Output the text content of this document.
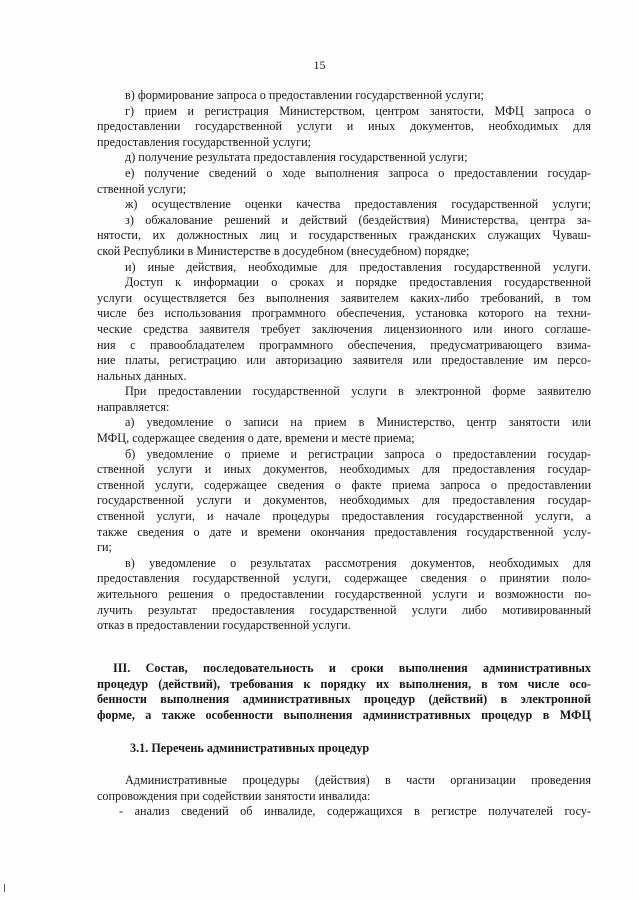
15
в) формирование запроса о предоставлении государственной услуги;
г) прием и регистрация Министерством, центром занятости, МФЦ запроса о
предоставлении государственной услуги и иных документов, необходимых для
предоставления государственной услуги;
д) получение результата предоставления государственной услуги;
е) получение сведений о ходе выполнения запроса о предоставлении государ-
ственной услуги;
ж) осуществление оценки качества предоставления государственной услуги;
з) обжалование решений и действий (бездействия) Министерства, центра за-
нятости, их должностных лиц и государственных гражданских служащих Чуваш-
ской Республики в Министерстве в досудебном (внесудебном) порядке;
и) иные действия, необходимые для предоставления государственной услуги.
Доступ к информации о сроках и порядке предоставления государственной
услуги осуществляется без выполнения заявителем каких-либо требований, в том
числе без использования программного обеспечения, установка которого на техни-
ческие средства заявителя требует заключения лицензионного или иного соглаше-
ния с правообладателем программного обеспечения, предусматривающего взима-
ние платы, регистрацию или авторизацию заявителя или предоставление им персо-
нальных данных.
При предоставлении государственной услуги в электронной форме заявителю
направляется:
а) уведомление о записи на прием в Министерство, центр занятости или
МФЦ, содержащее сведения о дате, времени и месте приема;
б) уведомление о приеме и регистрации запроса о предоставлении государ-
ственной услуги и иных документов, необходимых для предоставления государ-
ственной услуги, содержащее сведения о факте приема запроса о предоставлении
государственной услуги и документов, необходимых для предоставления государ-
ственной услуги, и начале процедуры предоставления государственной услуги, а
также сведения о дате и времени окончания предоставления государственной услу-
ги;
в) уведомление о результатах рассмотрения документов, необходимых для
предоставления государственной услуги, содержащее сведения о принятии поло-
жительного решения о предоставлении государственной услуги и возможности по-
лучить результат предоставления государственной услуги либо мотивированный
отказ в предоставлении государственной услуги.
III. Состав, последовательность и сроки выполнения административных
процедур (действий), требования к порядку их выполнения, в том числе осо-
бенности выполнения административных процедур (действий) в электронной
форме, а также особенности выполнения административных процедур в МФЦ
3.1. Перечень административных процедур
Административные процедуры (действия) в части организации проведения
сопровождения при содействии занятости инвалида:
- анализ сведений об инвалиде, содержащихся в регистре получателей госу-
